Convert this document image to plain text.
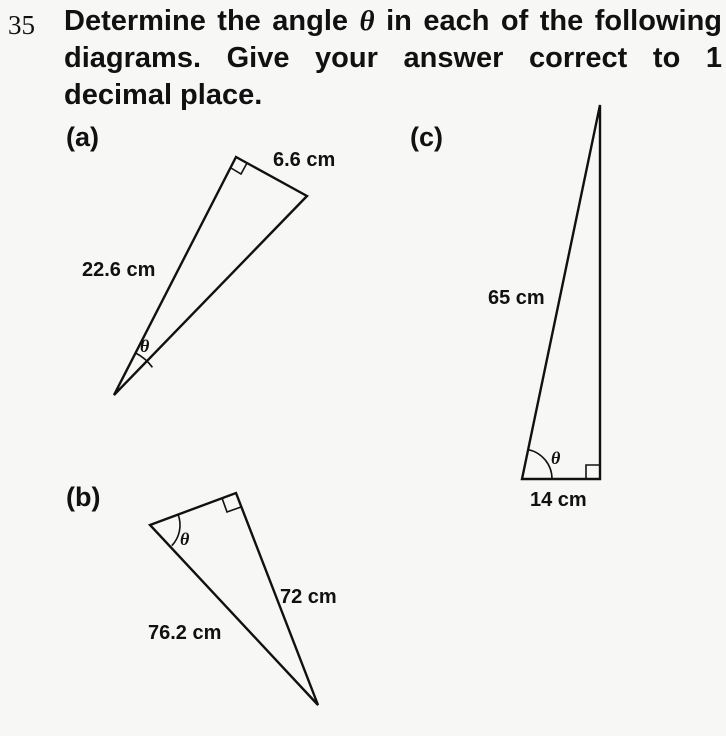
35 Determine the angle θ in each of the following
diagrams. Give your answer correct to 1
decimal place.

(a)	(c)
(b)
6.6 cm
22.6 cm
θ
65 cm
14 cm
θ
θ
72 cm
76.2 cm
